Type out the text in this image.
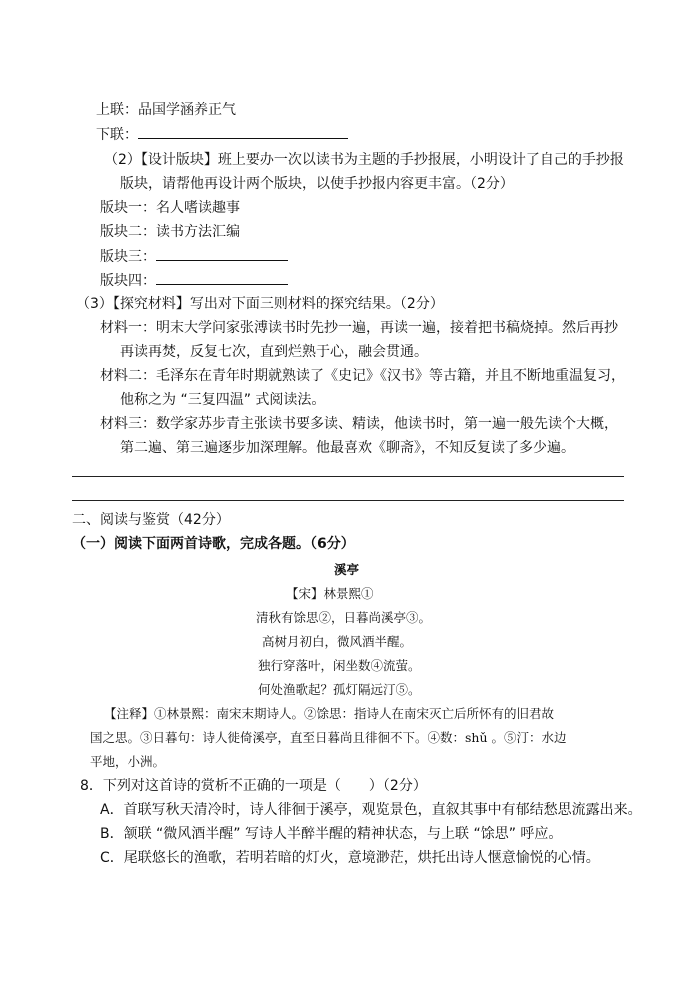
上联：品国学涵养正气
下联：
（2）【设计版块】班上要办一次以读书为主题的手抄报展，小明设计了自己的手抄报
版块，请帮他再设计两个版块，以使手抄报内容更丰富。（2分）
版块一：名人嗜读趣事
版块二：读书方法汇编
版块三：
版块四：
（3）【探究材料】写出对下面三则材料的探究结果。（2分）
材料一：明末大学问家张溥读书时先抄一遍，再读一遍，接着把书稿烧掉。然后再抄
再读再焚，反复七次，直到烂熟于心，融会贯通。
材料二：毛泽东在青年时期就熟读了《史记》《汉书》等古籍，并且不断地重温复习，
他称之为 “三复四温” 式阅读法。
材料三：数学家苏步青主张读书要多读、精读，他读书时，第一遍一般先读个大概，
第二遍、第三遍逐步加深理解。他最喜欢《聊斋》，不知反复读了多少遍。
二、阅读与鉴赏（42分）
（一）阅读下面两首诗歌，完成各题。（6分）
溪亭
【宋】林景熙①
清秋有馀思②，日暮尚溪亭③。
高树月初白，微风酒半醒。
独行穿落叶，闲坐数④流萤。
何处渔歌起？孤灯隔远汀⑤。
【注释】①林景熙：南宋末期诗人。②馀思：指诗人在南宋灭亡后所怀有的旧君故
国之思。③日暮句：诗人徙倚溪亭，直至日暮尚且徘徊不下。④数：shǔ 。⑤汀：水边
平地，小洲。
8．下列对这首诗的赏析不正确的一项是（　　）（2分）
A．首联写秋天清冷时，诗人徘徊于溪亭，观览景色，直叙其事中有郁结愁思流露出来。
B．颔联 “微风酒半醒” 写诗人半醉半醒的精神状态，与上联 “馀思” 呼应。
C．尾联悠长的渔歌，若明若暗的灯火，意境渺茫，烘托出诗人惬意愉悦的心情。
